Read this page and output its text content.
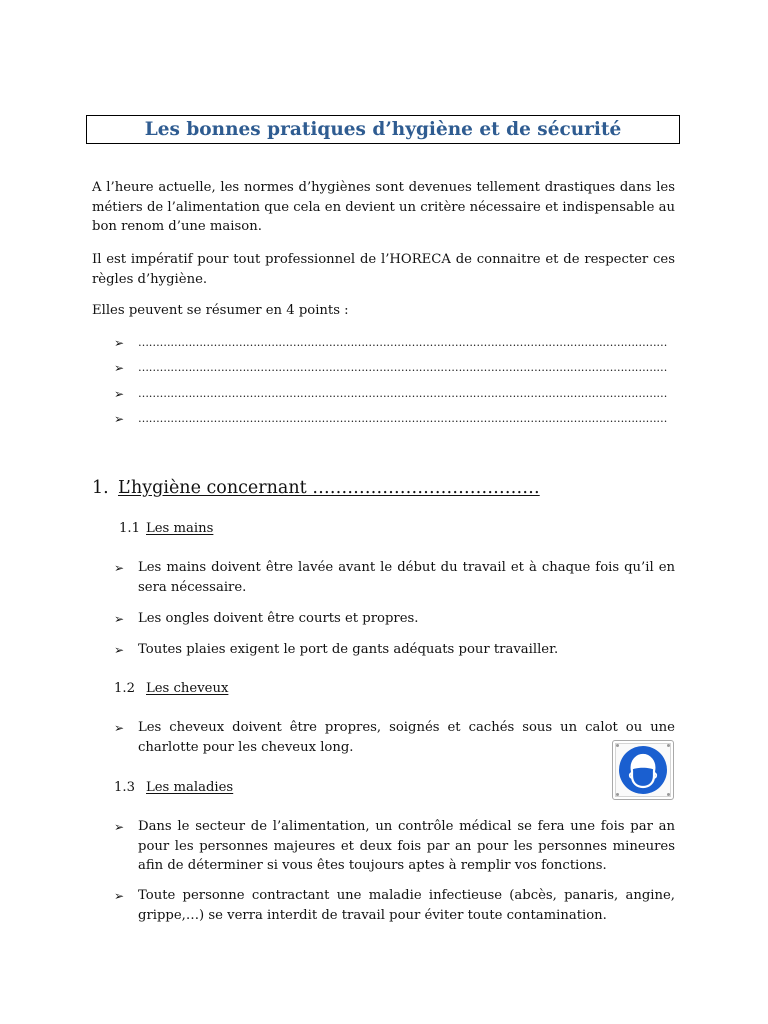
Les bonnes pratiques d’hygiène et de sécurité
A l’heure actuelle, les normes d’hygiènes sont devenues tellement drastiques dans les métiers de l’alimentation que cela en devient un critère nécessaire et indispensable au bon renom d’une maison.
Il est impératif pour tout professionnel de l’HORECA de connaitre et de respecter ces règles d’hygiène.
Elles peuvent se résumer en 4 points :
➢	…………………………………………………………………………………………………………………………………
➢	…………………………………………………………………………………………………………………………………
➢	…………………………………………………………………………………………………………………………………
➢	…………………………………………………………………………………………………………………………………
1. L’hygiène concernant …………………………………
1.1 Les mains
➢	Les mains doivent être lavée avant le début du travail et à chaque fois qu’il en sera nécessaire.
➢	Les ongles doivent être courts et propres.
➢	Toutes plaies exigent le port de gants adéquats pour travailler.
1.2 Les cheveux
➢	Les cheveux doivent être propres, soignés et cachés sous un calot ou une charlotte pour les cheveux long.
1.3 Les maladies
➢	Dans le secteur de l’alimentation, un contrôle médical se fera une fois par an pour les personnes majeures et deux fois par an pour les personnes mineures afin de déterminer si vous êtes toujours aptes à remplir vos fonctions.
➢	Toute personne contractant une maladie infectieuse (abcès, panaris, angine, grippe,…) se verra interdit de travail pour éviter toute contamination.
